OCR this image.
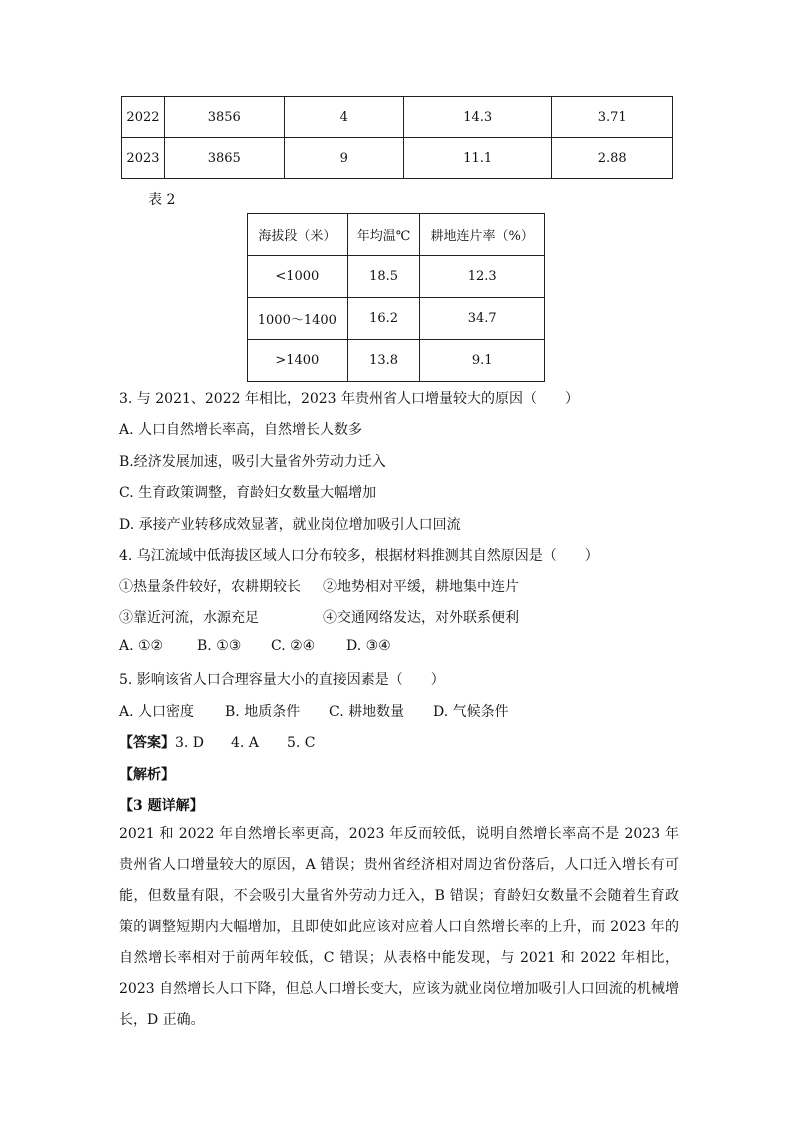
2022	3856	4	14.3	3.71
2023	3865	9	11.1	2.88
表 2
海拔段（米）	年均温℃	耕地连片率（%）
<1000	18.5	12.3
1000～1400	16.2	34.7
>1400	13.8	9.1
3. 与 2021、2022 年相比，2023 年贵州省人口增量较大的原因（　　）
A. 人口自然增长率高，自然增长人数多
B.经济发展加速，吸引大量省外劳动力迁入
C. 生育政策调整，育龄妇女数量大幅增加
D. 承接产业转移成效显著，就业岗位增加吸引人口回流
4. 乌江流域中低海拔区域人口分布较多，根据材料推测其自然原因是（　　）
①热量条件较好，农耕期较长 ②地势相对平缓，耕地集中连片
③靠近河流，水源充足	④交通网络发达，对外联系便利
A. ①② B. ①③ C. ②④ D. ③④
5. 影响该省人口合理容量大小的直接因素是（　　）
A. 人口密度 B. 地质条件 C. 耕地数量 D. 气候条件
【答案】3. D 4. A 5. C
【解析】
【3 题详解】
2021 和 2022 年自然增长率更高，2023 年反而较低，说明自然增长率高不是 2023 年贵州省人口增量较大的原因，A 错误；贵州省经济相对周边省份落后，人口迁入增长有可能，但数量有限，不会吸引大量省外劳动力迁入，B 错误；育龄妇女数量不会随着生育政策的调整短期内大幅增加，且即使如此应该对应着人口自然增长率的上升，而 2023 年的自然增长率相对于前两年较低，C 错误；从表格中能发现，与 2021 和 2022 年相比，2023 自然增长人口下降，但总人口增长变大，应该为就业岗位增加吸引人口回流的机械增长，D 正确。
